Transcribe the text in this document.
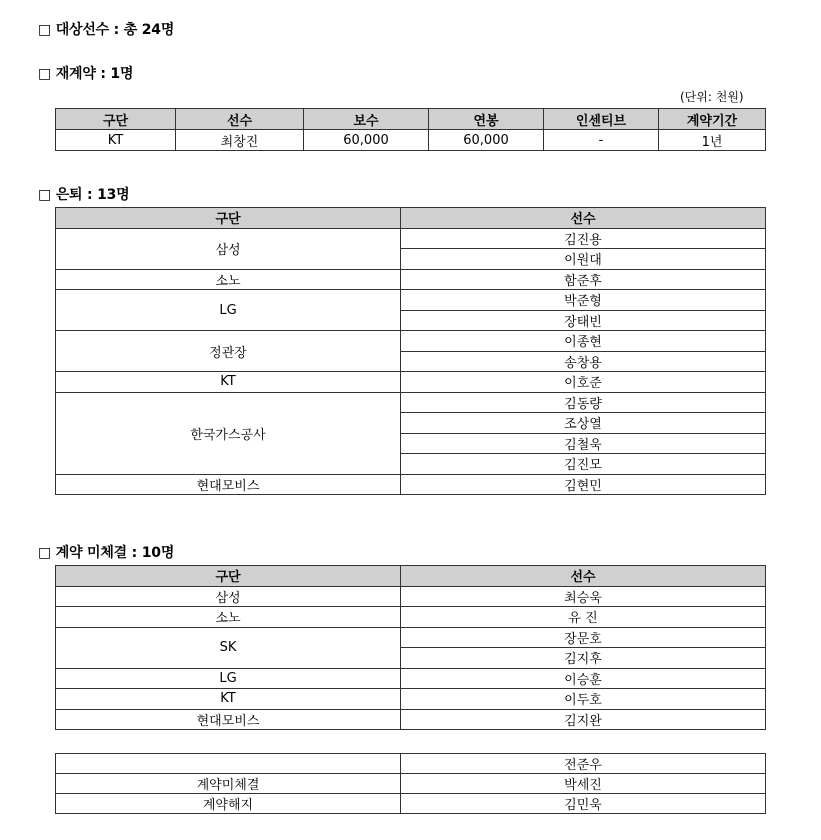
□ 대상선수 : 총 24명
□ 재계약 : 1명
(단위: 천원)
구단	선수	보수	연봉	인센티브	계약기간
KT	최창진	60,000	60,000	-	1년
□ 은퇴 : 13명
구단	선수
삼성	김진용
	이원대
소노	함준후
LG	박준형
	장태빈
정관장	이종현
	송창용
KT	이호준
한국가스공사	김동량
	조상열
	김철욱
	김진모
현대모비스	김현민
□ 계약 미체결 : 10명
구단	선수
삼성	최승욱
소노	유 진
SK	장문호
	김지후
LG	이승훈
KT	이두호
현대모비스	김지완
	전준우
계약미체결	박세진
계약해지	김민욱
